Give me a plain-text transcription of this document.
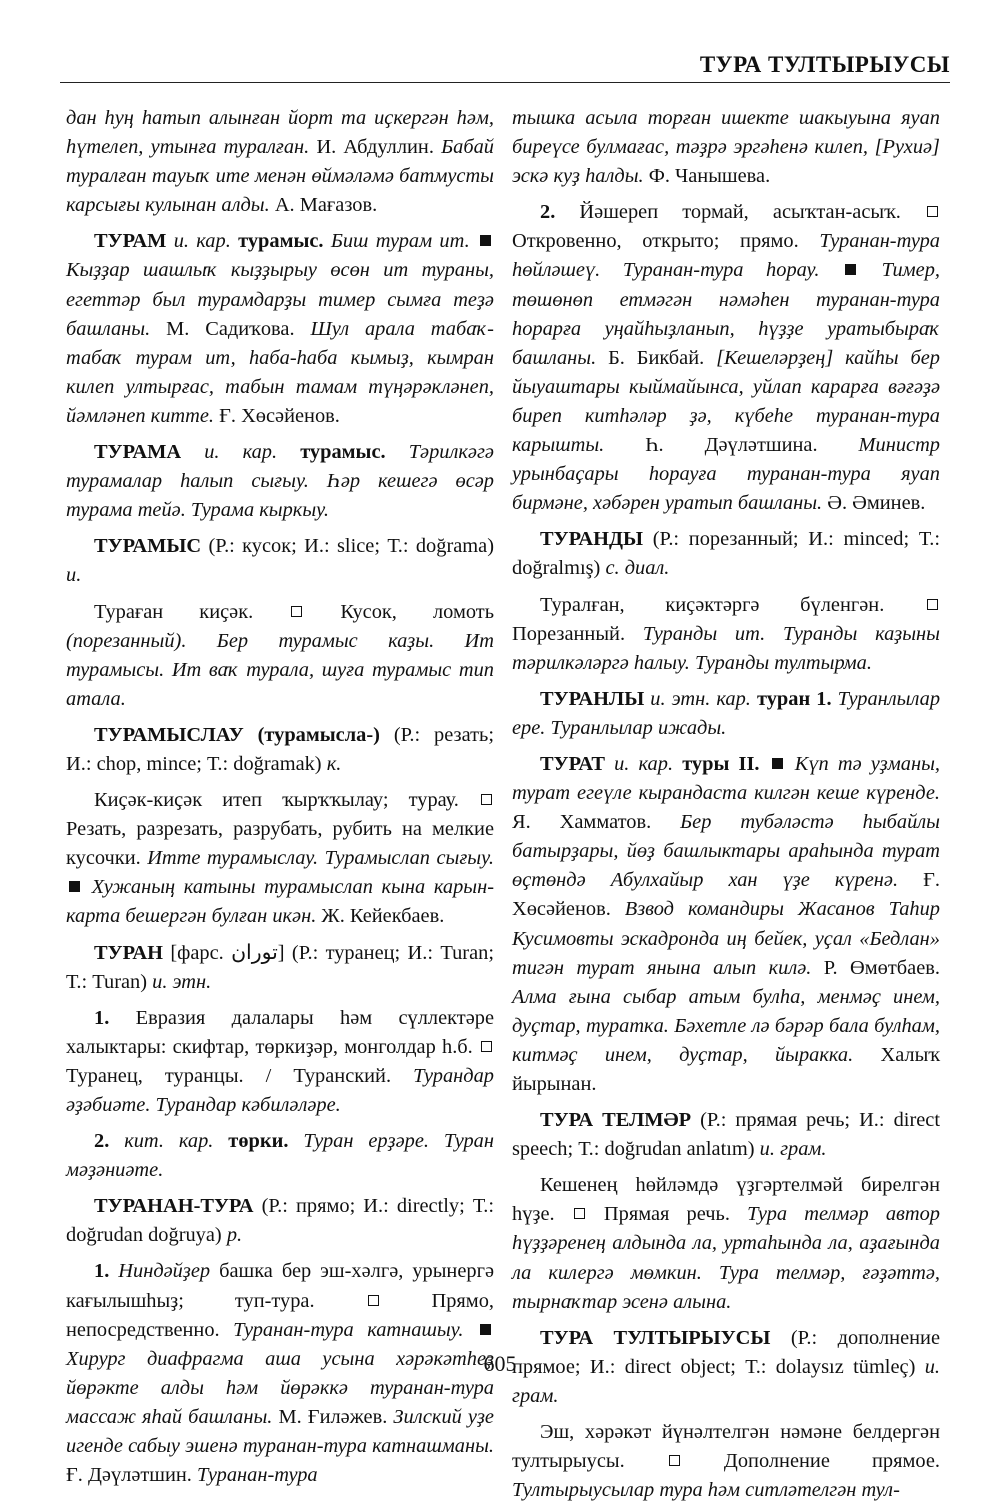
ТУРА ТУЛТЫРЫУСЫ

дан һуң һатып алынған йорт та иҫкергән һәм, һүтелеп, утынға туралған. И. Абдуллин. Бабай туралған тауыҡ ите менән өймәләмә батмусты карсығы кулынан алды. А. Мағазов.

ТУРАМ и. кар. турамыс. Биш турам ит.  Кыҙҙар шашлыҡ кыҙҙырыу өсөн ит тураны, егеттәр был турамдарҙы тимер сымға теҙә башланы. М. Садиҡова. Шул арала табаҡ-табаҡ турам ит, һаба-һаба кымыҙ, кымран килеп ултырғас, табын тамам түңәрәкләнеп, йәмләнеп китте. Ғ. Хөсәйенов.

ТУРАМА и. кар. турамыс. Тәрилкәгә турамалар һалып сығыу. Һәр кешегә өсәр турама тейә. Турама кыркыу.

ТУРАМЫС (Р.: кусок; И.: slice; Т.: doğrama) и.

Тураған киҫәк.  Кусок, ломоть (порезанный). Бер турамыс каҙы. Ит турамысы. Ит ваҡ турала, шуға турамыс тип атала.

ТУРАМЫСЛАУ (турамысла-) (Р.: резать; И.: chop, mince; Т.: doğramak) к.

Киҫәк-киҫәк итеп ҡырҡҡылау; турау.  Резать, разрезать, разрубать, рубить на мелкие кусочки. Итте турамыслау. Турамыслап сығыу.  Хужаның катыны турамыслап кына карын-карта бешергән булған икән. Ж. Кейекбаев.

ТУРАН [фарс. توران] (Р.: туранец; И.: Turan; Т.: Turan) и. этн.

1. Евразия далалары һәм сүллектәре халыктары: скифтар, төркиҙәр, монголдар һ.б.  Туранец, туранцы. / Туранский. Турандар әҙәбиәте. Турандар кәбиләләре.

2. кит. кар. төрки. Туран ерҙәре. Туран мәҙәниәте.

ТУРАНАН-ТУРА (Р.: прямо; И.: directly; Т.: doğrudan doğruya) р.

1. Ниндәйҙер башка бер эш-хәлгә, урынергә кағылышһыҙ; туп-тура.  Прямо, непосредственно. Туранан-тура катнашыу.  Хирург диафрагма аша усына хәрәкәтһеҙ йөрәкте алды һәм йөрәккә туранан-тура массаж яһай башланы. М. Ғиләжев. Зилский уҙе игенде сабыу эшенә туранан-тура катнашманы. Ғ. Дәүләтшин. Туранан-тура

тышка асыла торған ишекте шакыуына яуап биреүсе булмағас, тәҙрә эргәһенә килеп, [Рухиә] эскә куҙ һалды. Ф. Чанышева.

2. Йәшереп тормай, асыҡтан-асыҡ.  Откровенно, открыто; прямо. Туранан-тура һөйләшеү. Туранан-тура һорау.  Тимер, төшөнөп етмәгән нәмәһен туранан-тура һорарға уңайһыҙланып, һүҙҙе уратыбыраҡ башланы. Б. Бикбай. [Кешеләрҙең] кайһы бер йыуаштары кыймайынса, уйлап карарға вәғәҙә биреп китһәләр ҙә, күбеһе туранан-тура карышты. Һ. Дәүләтшина. Министр урынбаҫары һорауға туранан-тура яуап бирмәне, хәбәрен уратып башланы. Ә. Әминев.

ТУРАНДЫ (Р.: порезанный; И.: minced; Т.: doğralmış) с. диал.

Туралған, киҫәктәргә бүленгән.  Порезанный. Туранды ит. Туранды каҙыны тәрилкәләргә һалыу. Туранды тултырма.

ТУРАНЛЫ и. этн. кар. туран 1. Туранлылар ере. Туранлылар ижады.

ТУРАТ и. кар. туры II.  Күп тә уҙманы, турат егеүле кырандаста килгән кеше күренде. Я. Хамматов. Бер тубәләстә һыбайлы батырҙары, йөҙ башлыктары араһында турат өҫтөндә Абулхайыр хан үҙе күренә. Ғ. Хөсәйенов. Взвод командиры Жасанов Таһир Кусимовты эскадронда иң бейек, уҫал «Бедлан» тигән турат янына алып килә. Р. Өмөтбаев. Алма ғына сыбар атым булһа, менмәҫ инем, дуҫтар, тураткa. Бәхетле лә бәрәр бала булһам, китмәҫ инем, дуҫтар, йыракка. Халыҡ йырынан.

ТУРА ТЕЛМӘР (Р.: прямая речь; И.: direct speech; Т.: doğrudan anlatım) и. грам.

Кешенең һөйләмдә үҙгәртелмәй бирелгән һүҙе.  Прямая речь. Тура телмәр автор һүҙҙәренең алдында ла, уртаһында ла, аҙағында ла килергә мөмкин. Тура телмәр, ғәҙәттә, тырнаҡтар эсенә алына.

ТУРА ТУЛТЫРЫУСЫ (Р.: дополнение прямое; И.: direct object; Т.: dolaysız tümleç) и. грам.

Эш, хәрәкәт йүнәлтелгән нәмәне белдергән тултырыусы.  Дополнение прямое. Тултырыусылар тура һәм ситләтелгән тул-

605
